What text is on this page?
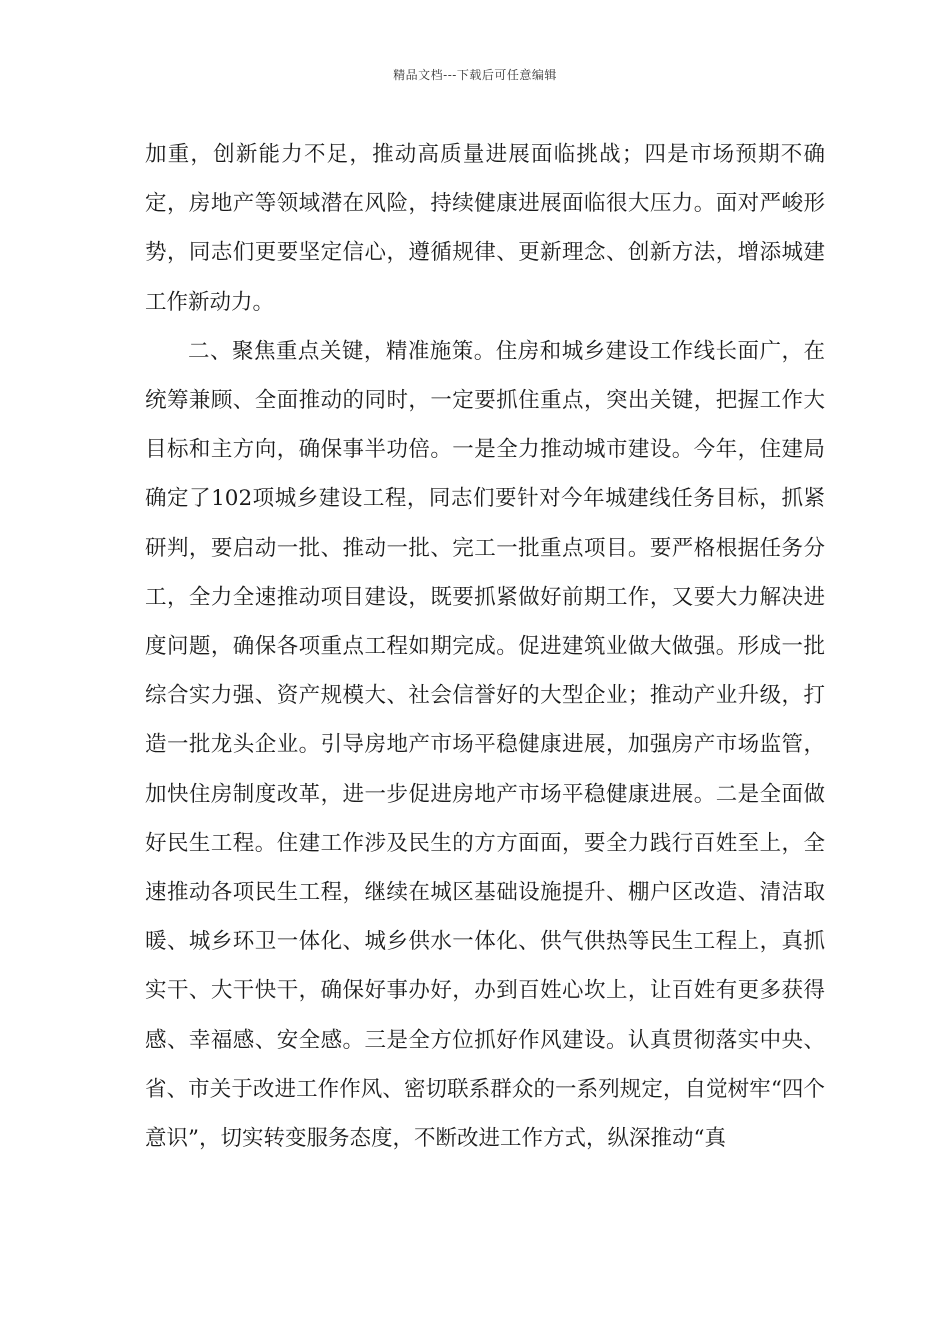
精品文档---下载后可任意编辑

加重，创新能力不足，推动高质量进展面临挑战；四是市场预期不确定，房地产等领域潜在风险，持续健康进展面临很大压力。面对严峻形势，同志们更要坚定信心，遵循规律、更新理念、创新方法，增添城建工作新动力。

二、聚焦重点关键，精准施策。住房和城乡建设工作线长面广，在统筹兼顾、全面推动的同时，一定要抓住重点，突出关键，把握工作大目标和主方向，确保事半功倍。一是全力推动城市建设。今年，住建局确定了102项城乡建设工程，同志们要针对今年城建线任务目标，抓紧研判，要启动一批、推动一批、完工一批重点项目。要严格根据任务分工，全力全速推动项目建设，既要抓紧做好前期工作，又要大力解决进度问题，确保各项重点工程如期完成。促进建筑业做大做强。形成一批综合实力强、资产规模大、社会信誉好的大型企业；推动产业升级，打造一批龙头企业。引导房地产市场平稳健康进展，加强房产市场监管，加快住房制度改革，进一步促进房地产市场平稳健康进展。二是全面做好民生工程。住建工作涉及民生的方方面面，要全力践行百姓至上，全速推动各项民生工程，继续在城区基础设施提升、棚户区改造、清洁取暖、城乡环卫一体化、城乡供水一体化、供气供热等民生工程上，真抓实干、大干快干，确保好事办好，办到百姓心坎上，让百姓有更多获得感、幸福感、安全感。三是全方位抓好作风建设。认真贯彻落实中央、省、市关于改进工作作风、密切联系群众的一系列规定，自觉树牢“四个意识”，切实转变服务态度，不断改进工作方式，纵深推动“真
